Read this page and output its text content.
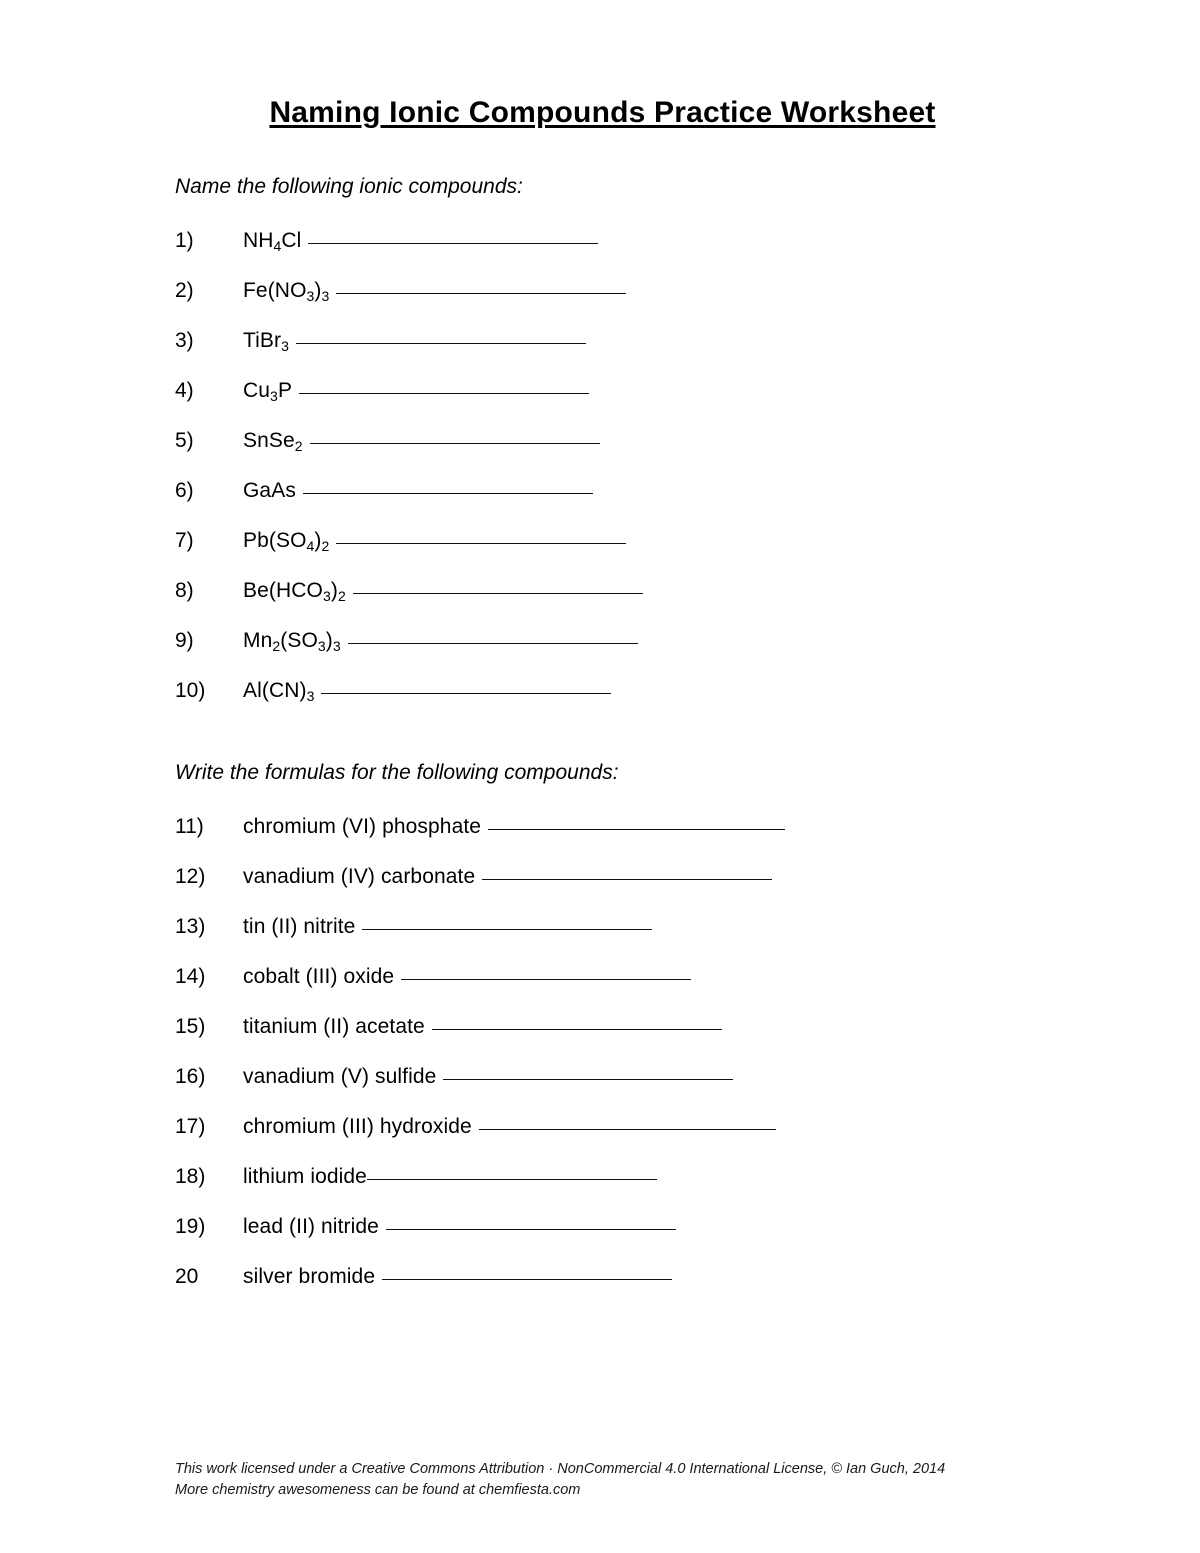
Naming Ionic Compounds Practice Worksheet

Name the following ionic compounds:

1)	$NH_4Cl$
2)	$Fe(NO_3)_3$
3)	TiBr$_3$
4)	$Cu_3P$
5)	SnSe$_2$
6)	GaAs
7)	$Pb(SO_4)_2$
8)	$Be(HCO_3)_2$
9)	$Mn_2(SO_3)_3$
10)	$Al(CN)_3$

Write the formulas for the following compounds:

11)	chromium (VI) phosphate
12)	vanadium (IV) carbonate
13)	tin (II) nitrite
14)	cobalt (III) oxide
15)	titanium (II) acetate
16)	vanadium (V) sulfide
17)	chromium (III) hydroxide
18)	lithium iodide
19)	lead (II) nitride
20	silver bromide
This work licensed under a Creative Commons Attribution · NonCommercial 4.0 International License, © Ian Guch, 2014
More chemistry awesomeness can be found at chemfiesta.com
